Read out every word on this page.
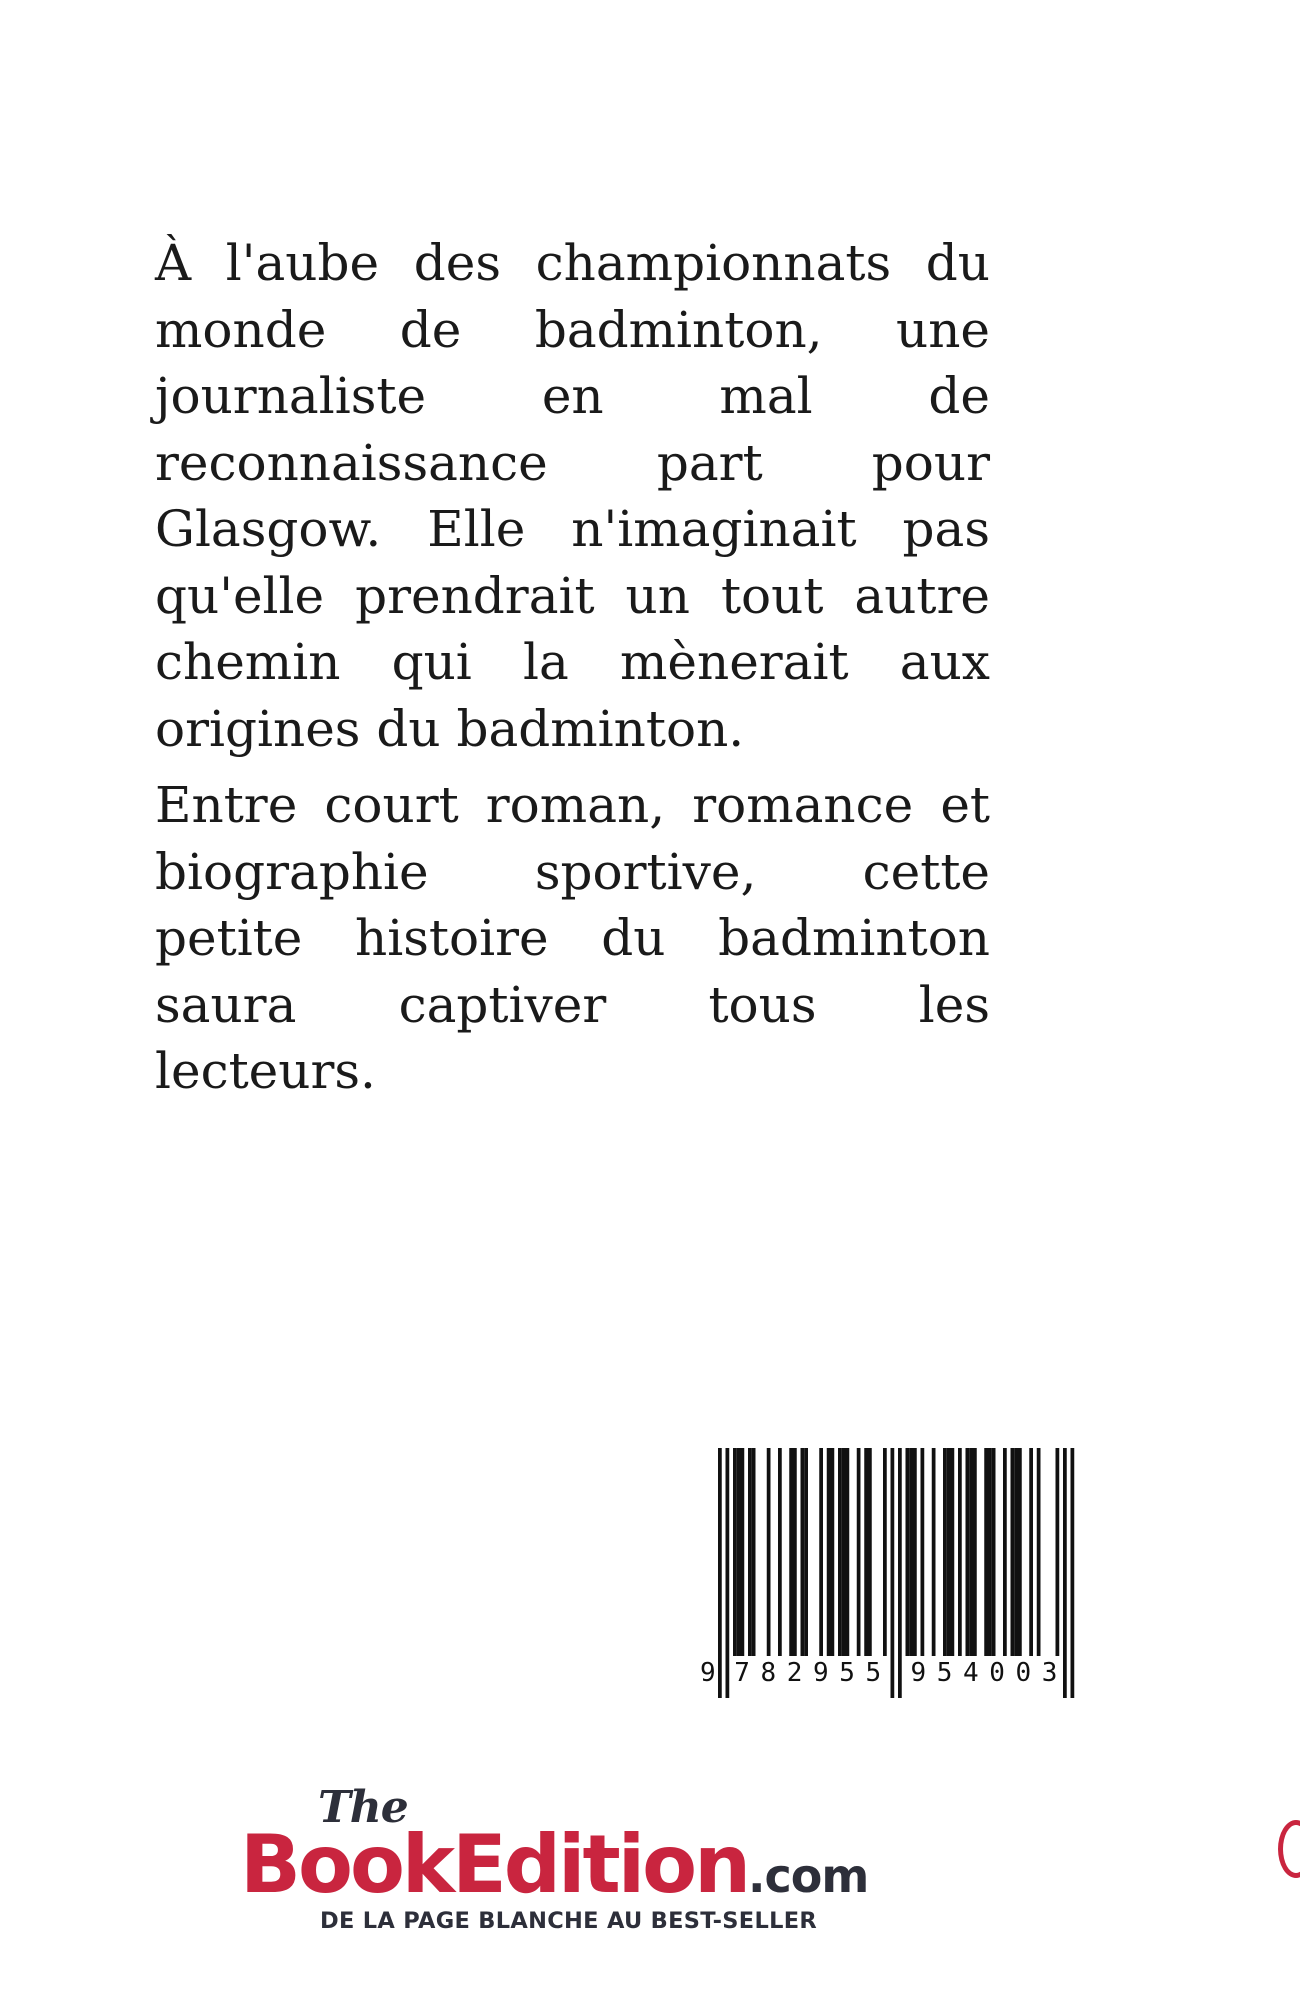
À l'aube des championnats du
monde de badminton, une
journaliste en mal de
reconnaissance part pour
Glasgow. Elle n'imaginait pas
qu'elle prendrait un tout autre
chemin qui la mènerait aux
origines du badminton.
Entre court roman, romance et
biographie sportive, cette
petite histoire du badminton
saura captiver tous les
lecteurs.
9 7 8 2 9 5 5 9 5 4 0 0 3
The
BookEdition.com
DE LA PAGE BLANCHE AU BEST-SELLER
